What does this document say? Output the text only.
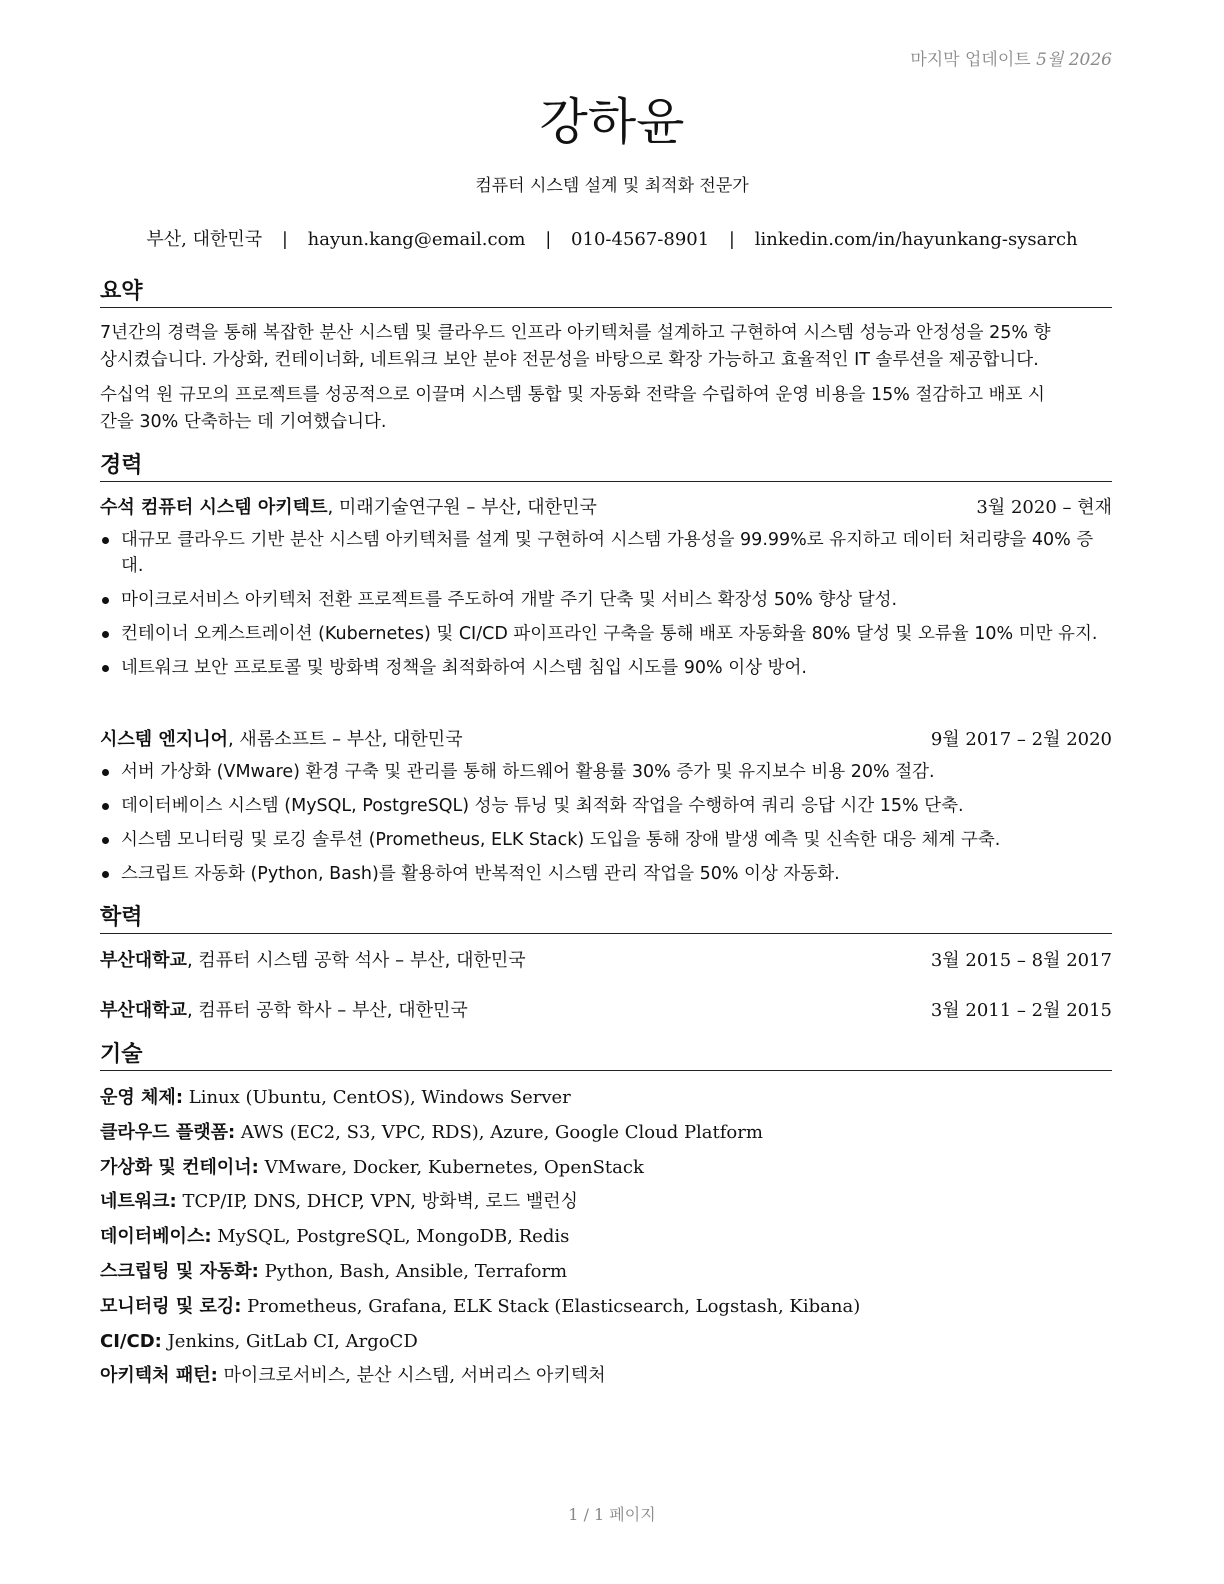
마지막 업데이트 5월 2026
강하윤
컴퓨터 시스템 설계 및 최적화 전문가
부산, 대한민국 | hayun.kang@email.com | 010-4567-8901 | linkedin.com/in/hayunkang-sysarch
요약
7년간의 경력을 통해 복잡한 분산 시스템 및 클라우드 인프라 아키텍처를 설계하고 구현하여 시스템 성능과 안정성을 25% 향
상시켰습니다. 가상화, 컨테이너화, 네트워크 보안 분야 전문성을 바탕으로 확장 가능하고 효율적인 IT 솔루션을 제공합니다.
수십억 원 규모의 프로젝트를 성공적으로 이끌며 시스템 통합 및 자동화 전략을 수립하여 운영 비용을 15% 절감하고 배포 시
간을 30% 단축하는 데 기여했습니다.
경력
수석 컴퓨터 시스템 아키텍트, 미래기술연구원 – 부산, 대한민국	3월 2020 – 현재
대규모 클라우드 기반 분산 시스템 아키텍처를 설계 및 구현하여 시스템 가용성을 99.99%로 유지하고 데이터 처리량을 40% 증대.
마이크로서비스 아키텍처 전환 프로젝트를 주도하여 개발 주기 단축 및 서비스 확장성 50% 향상 달성.
컨테이너 오케스트레이션 (Kubernetes) 및 CI/CD 파이프라인 구축을 통해 배포 자동화율 80% 달성 및 오류율 10% 미만 유지.
네트워크 보안 프로토콜 및 방화벽 정책을 최적화하여 시스템 침입 시도를 90% 이상 방어.
시스템 엔지니어, 새롬소프트 – 부산, 대한민국	9월 2017 – 2월 2020
서버 가상화 (VMware) 환경 구축 및 관리를 통해 하드웨어 활용률 30% 증가 및 유지보수 비용 20% 절감.
데이터베이스 시스템 (MySQL, PostgreSQL) 성능 튜닝 및 최적화 작업을 수행하여 쿼리 응답 시간 15% 단축.
시스템 모니터링 및 로깅 솔루션 (Prometheus, ELK Stack) 도입을 통해 장애 발생 예측 및 신속한 대응 체계 구축.
스크립트 자동화 (Python, Bash)를 활용하여 반복적인 시스템 관리 작업을 50% 이상 자동화.
학력
부산대학교, 컴퓨터 시스템 공학 석사 – 부산, 대한민국	3월 2015 – 8월 2017
부산대학교, 컴퓨터 공학 학사 – 부산, 대한민국	3월 2011 – 2월 2015
기술
운영 체제: Linux (Ubuntu, CentOS), Windows Server
클라우드 플랫폼: AWS (EC2, S3, VPC, RDS), Azure, Google Cloud Platform
가상화 및 컨테이너: VMware, Docker, Kubernetes, OpenStack
네트워크: TCP/IP, DNS, DHCP, VPN, 방화벽, 로드 밸런싱
데이터베이스: MySQL, PostgreSQL, MongoDB, Redis
스크립팅 및 자동화: Python, Bash, Ansible, Terraform
모니터링 및 로깅: Prometheus, Grafana, ELK Stack (Elasticsearch, Logstash, Kibana)
CI/CD: Jenkins, GitLab CI, ArgoCD
아키텍처 패턴: 마이크로서비스, 분산 시스템, 서버리스 아키텍처
1 / 1 페이지
